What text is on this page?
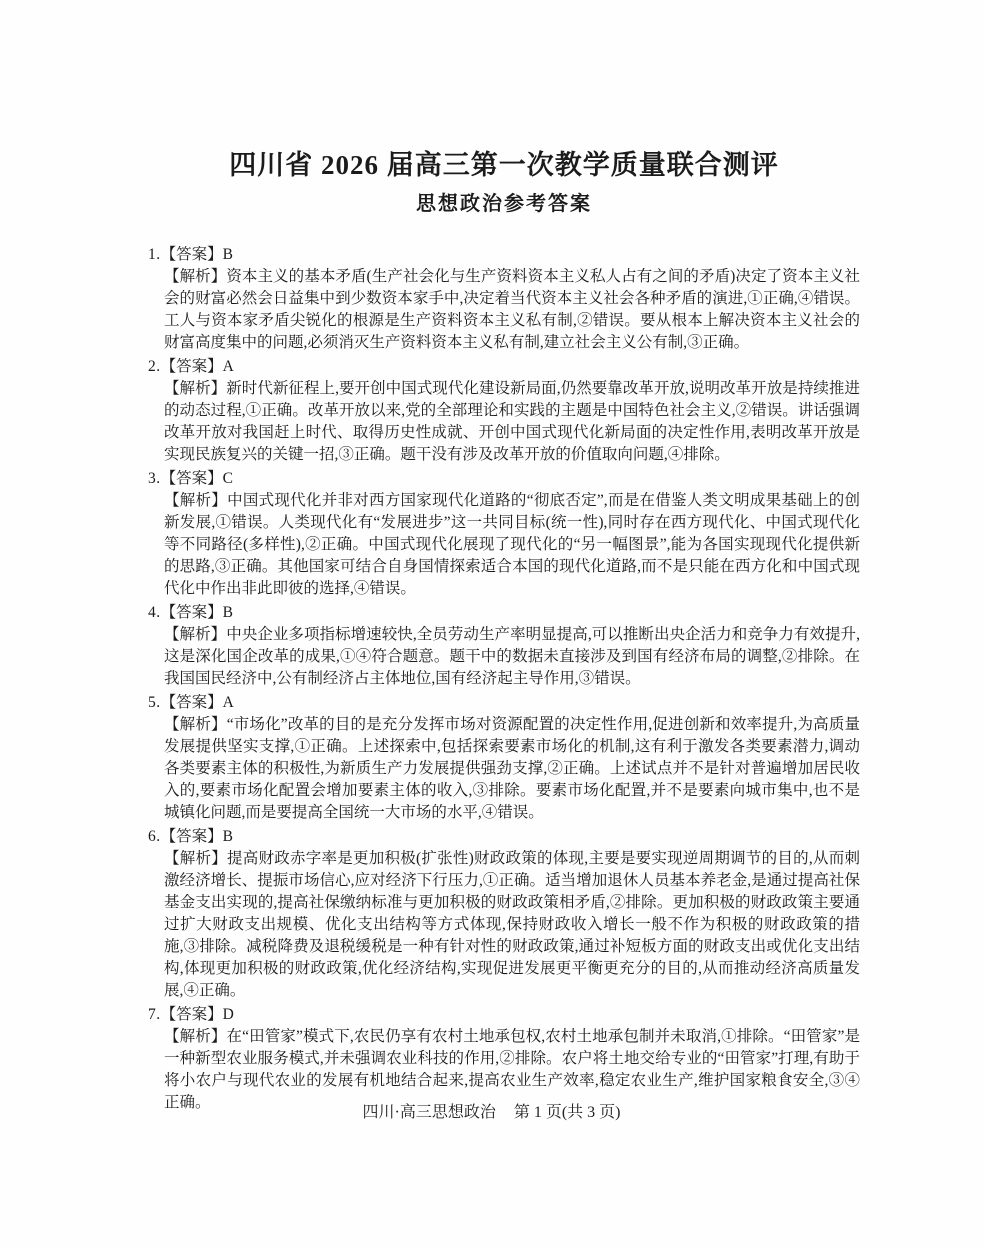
四川省 2026 届高三第一次教学质量联合测评
思想政治参考答案
1.【答案】B
【解析】资本主义的基本矛盾(生产社会化与生产资料资本主义私人占有之间的矛盾)决定了资本主义社会的财富必然会日益集中到少数资本家手中,决定着当代资本主义社会各种矛盾的演进,①正确,④错误。工人与资本家矛盾尖锐化的根源是生产资料资本主义私有制,②错误。要从根本上解决资本主义社会的财富高度集中的问题,必须消灭生产资料资本主义私有制,建立社会主义公有制,③正确。
2.【答案】A
【解析】新时代新征程上,要开创中国式现代化建设新局面,仍然要靠改革开放,说明改革开放是持续推进的动态过程,①正确。改革开放以来,党的全部理论和实践的主题是中国特色社会主义,②错误。讲话强调改革开放对我国赶上时代、取得历史性成就、开创中国式现代化新局面的决定性作用,表明改革开放是实现民族复兴的关键一招,③正确。题干没有涉及改革开放的价值取向问题,④排除。
3.【答案】C
【解析】中国式现代化并非对西方国家现代化道路的“彻底否定”,而是在借鉴人类文明成果基础上的创新发展,①错误。人类现代化有“发展进步”这一共同目标(统一性),同时存在西方现代化、中国式现代化等不同路径(多样性),②正确。中国式现代化展现了现代化的“另一幅图景”,能为各国实现现代化提供新的思路,③正确。其他国家可结合自身国情探索适合本国的现代化道路,而不是只能在西方化和中国式现代化中作出非此即彼的选择,④错误。
4.【答案】B
【解析】中央企业多项指标增速较快,全员劳动生产率明显提高,可以推断出央企活力和竞争力有效提升,这是深化国企改革的成果,①④符合题意。题干中的数据未直接涉及到国有经济布局的调整,②排除。在我国国民经济中,公有制经济占主体地位,国有经济起主导作用,③错误。
5.【答案】A
【解析】“市场化”改革的目的是充分发挥市场对资源配置的决定性作用,促进创新和效率提升,为高质量发展提供坚实支撑,①正确。上述探索中,包括探索要素市场化的机制,这有利于激发各类要素潜力,调动各类要素主体的积极性,为新质生产力发展提供强劲支撑,②正确。上述试点并不是针对普遍增加居民收入的,要素市场化配置会增加要素主体的收入,③排除。要素市场化配置,并不是要素向城市集中,也不是城镇化问题,而是要提高全国统一大市场的水平,④错误。
6.【答案】B
【解析】提高财政赤字率是更加积极(扩张性)财政政策的体现,主要是要实现逆周期调节的目的,从而刺激经济增长、提振市场信心,应对经济下行压力,①正确。适当增加退休人员基本养老金,是通过提高社保基金支出实现的,提高社保缴纳标准与更加积极的财政政策相矛盾,②排除。更加积极的财政政策主要通过扩大财政支出规模、优化支出结构等方式体现,保持财政收入增长一般不作为积极的财政政策的措施,③排除。减税降费及退税缓税是一种有针对性的财政政策,通过补短板方面的财政支出或优化支出结构,体现更加积极的财政政策,优化经济结构,实现促进发展更平衡更充分的目的,从而推动经济高质量发展,④正确。
7.【答案】D
【解析】在“田管家”模式下,农民仍享有农村土地承包权,农村土地承包制并未取消,①排除。“田管家”是一种新型农业服务模式,并未强调农业科技的作用,②排除。农户将土地交给专业的“田管家”打理,有助于将小农户与现代农业的发展有机地结合起来,提高农业生产效率,稳定农业生产,维护国家粮食安全,③④正确。
四川·高三思想政治 第 1 页(共 3 页)
